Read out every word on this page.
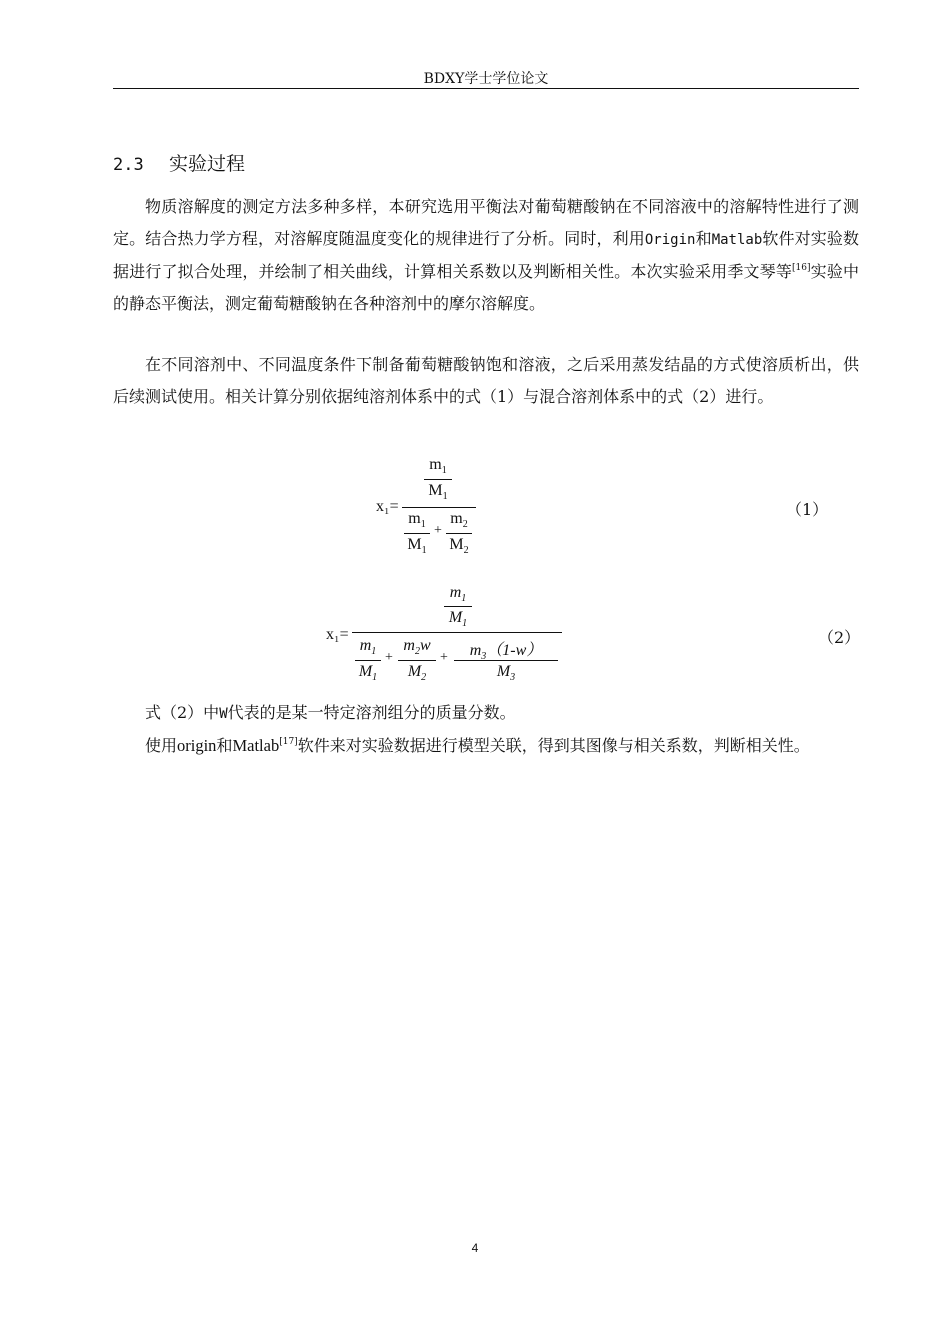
BDXY学士学位论文
2.3 实验过程

物质溶解度的测定方法多种多样，本研究选用平衡法对葡萄糖酸钠在不同溶液中的溶解特性进行了测定。结合热力学方程，对溶解度随温度变化的规律进行了分析。同时，利用Origin和Matlab软件对实验数据进行了拟合处理，并绘制了相关曲线，计算相关系数以及判断相关性。本次实验采用季文琴等[16]实验中的静态平衡法，测定葡萄糖酸钠在各种溶剂中的摩尔溶解度。

在不同溶剂中、不同温度条件下制备葡萄糖酸钠饱和溶液，之后采用蒸发结晶的方式使溶质析出，供后续测试使用。相关计算分别依据纯溶剂体系中的式（1）与混合溶剂体系中的式（2）进行。

x₁=
$m_1$
$M_1$
$m_1$
$M_1$
+
$m_2$
$M_2$
（1）
x₁=
$m_1$
$M_1$
$m_1$
$M_1$
+
$m_2w$
$M_2$
+	$m_3(1-w)$
$M_3$
（2）

式（2）中W代表的是某一特定溶剂组分的质量分数。

使用origin和Matlab[17]软件来对实验数据进行模型关联，得到其图像与相关系数，判断相关性。

4
